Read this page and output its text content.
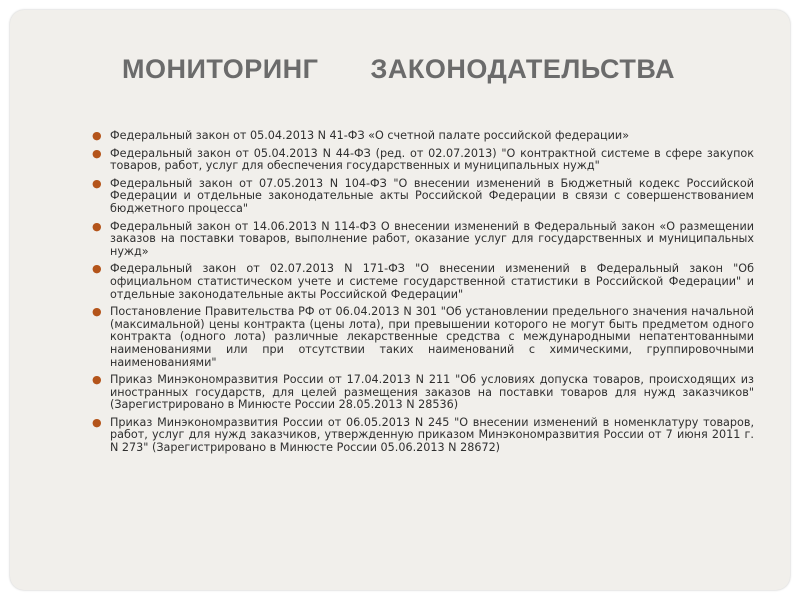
МОНИТОРИНГ ЗАКОНОДАТЕЛЬСТВА
● Федеральный закон от 05.04.2013 N 41-ФЗ «О счетной палате российской федерации»
● Федеральный закон от 05.04.2013 N 44-ФЗ (ред. от 02.07.2013) "О контрактной системе в сфере закупок товаров, работ, услуг для обеспечения государственных и муниципальных нужд"
● Федеральный закон от 07.05.2013 N 104-ФЗ "О внесении изменений в Бюджетный кодекс Российской Федерации и отдельные законодательные акты Российской Федерации в связи с совершенствованием бюджетного процесса"
● Федеральный закон от 14.06.2013 N 114-ФЗ О внесении изменений в Федеральный закон «О размещении заказов на поставки товаров, выполнение работ, оказание услуг для государственных и муниципальных нужд»
● Федеральный закон от 02.07.2013 N 171-ФЗ "О внесении изменений в Федеральный закон "Об официальном статистическом учете и системе государственной статистики в Российской Федерации" и отдельные законодательные акты Российской Федерации"
● Постановление Правительства РФ от 06.04.2013 N 301 "Об установлении предельного значения начальной (максимальной) цены контракта (цены лота), при превышении которого не могут быть предметом одного контракта (одного лота) различные лекарственные средства с международными непатентованными наименованиями или при отсутствии таких наименований с химическими, группировочными наименованиями"
● Приказ Минэкономразвития России от 17.04.2013 N 211 "Об условиях допуска товаров, происходящих из иностранных государств, для целей размещения заказов на поставки товаров для нужд заказчиков" (Зарегистрировано в Минюсте России 28.05.2013 N 28536)
● Приказ Минэкономразвития России от 06.05.2013 N 245 "О внесении изменений в номенклатуру товаров, работ, услуг для нужд заказчиков, утвержденную приказом Минэкономразвития России от 7 июня 2011 г. N 273" (Зарегистрировано в Минюсте России 05.06.2013 N 28672)
